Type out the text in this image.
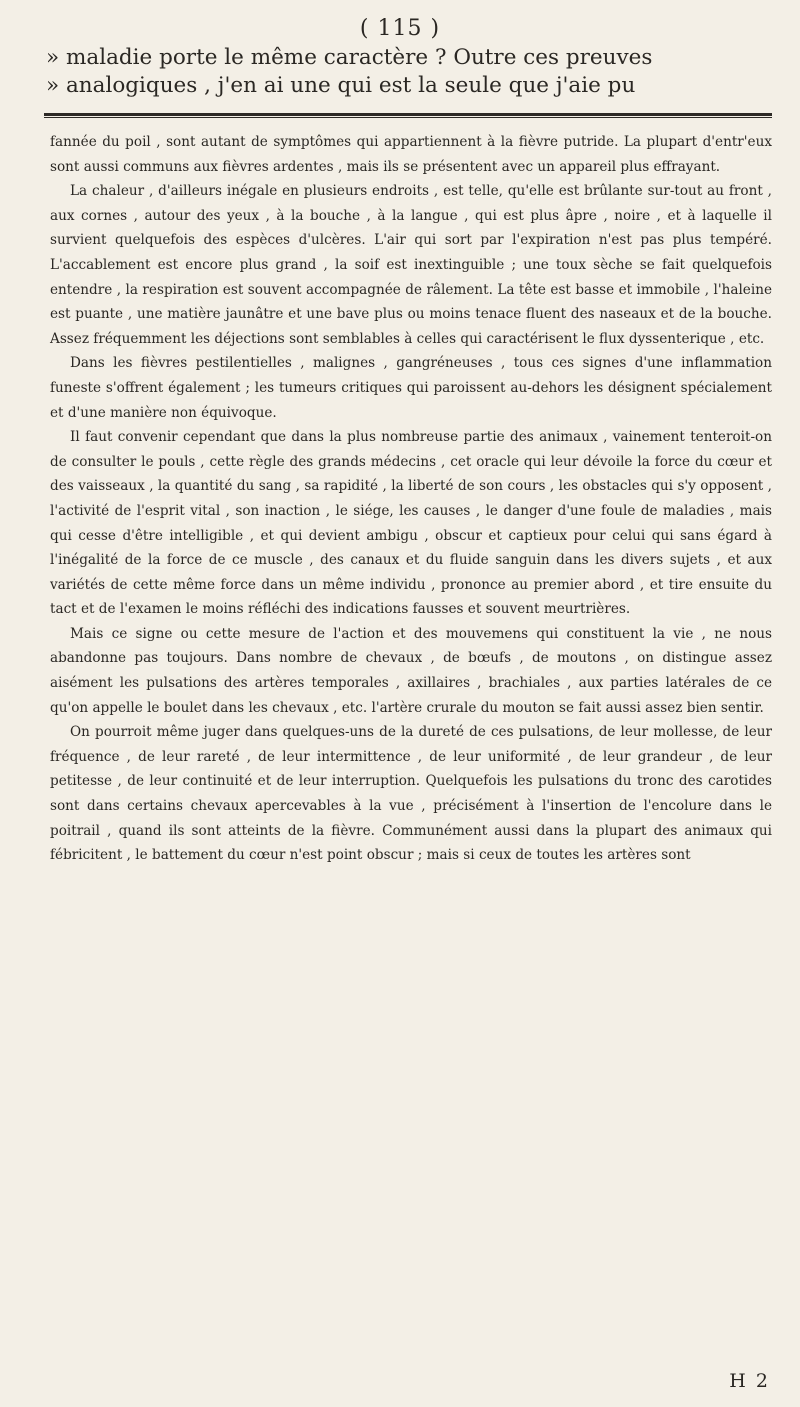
( 115 )

» maladie porte le même caractère ? Outre ces preuves

» analogiques , j'en ai une qui est la seule que j'aie pu

fannée du poil , sont autant de symptômes qui appartiennent à la fièvre putride. La plupart d'entr'eux sont aussi communs aux fièvres ardentes , mais ils se présentent avec un appareil plus effrayant.

La chaleur , d'ailleurs inégale en plusieurs endroits , est telle, qu'elle est brûlante sur-tout au front , aux cornes , autour des yeux , à la bouche , à la langue , qui est plus âpre , noire , et à laquelle il survient quelquefois des espèces d'ulcères. L'air qui sort par l'expiration n'est pas plus tempéré. L'accablement est encore plus grand , la soif est inextinguible ; une toux sèche se fait quelquefois entendre , la respiration est souvent accompagnée de râlement. La tête est basse et immobile , l'haleine est puante , une matière jaunâtre et une bave plus ou moins tenace fluent des naseaux et de la bouche. Assez fréquemment les déjections sont semblables à celles qui caractérisent le flux dyssenterique , etc.

Dans les fièvres pestilentielles , malignes , gangréneuses , tous ces signes d'une inflammation funeste s'offrent également ; les tumeurs critiques qui paroissent au-dehors les désignent spécialement et d'une manière non équivoque.

Il faut convenir cependant que dans la plus nombreuse partie des animaux , vainement tenteroit-on de consulter le pouls , cette règle des grands médecins , cet oracle qui leur dévoile la force du cœur et des vaisseaux , la quantité du sang , sa rapidité , la liberté de son cours , les obstacles qui s'y opposent , l'activité de l'esprit vital , son inaction , le siége, les causes , le danger d'une foule de maladies , mais qui cesse d'être intelligible , et qui devient ambigu , obscur et captieux pour celui qui sans égard à l'inégalité de la force de ce muscle , des canaux et du fluide sanguin dans les divers sujets , et aux variétés de cette même force dans un même individu , prononce au premier abord , et tire ensuite du tact et de l'examen le moins réfléchi des indications fausses et souvent meurtrières.

Mais ce signe ou cette mesure de l'action et des mouvemens qui constituent la vie , ne nous abandonne pas toujours. Dans nombre de chevaux , de bœufs , de moutons , on distingue assez aisément les pulsations des artères temporales , axillaires , brachiales , aux parties latérales de ce qu'on appelle le boulet dans les chevaux , etc. l'artère crurale du mouton se fait aussi assez bien sentir.

On pourroit même juger dans quelques-uns de la dureté de ces pulsations, de leur mollesse, de leur fréquence , de leur rareté , de leur intermittence , de leur uniformité , de leur grandeur , de leur petitesse , de leur continuité et de leur interruption. Quelquefois les pulsations du tronc des carotides sont dans certains chevaux apercevables à la vue , précisément à l'insertion de l'encolure dans le poitrail , quand ils sont atteints de la fièvre. Communément aussi dans la plupart des animaux qui fébricitent , le battement du cœur n'est point obscur ; mais si ceux de toutes les artères sont

H 2
